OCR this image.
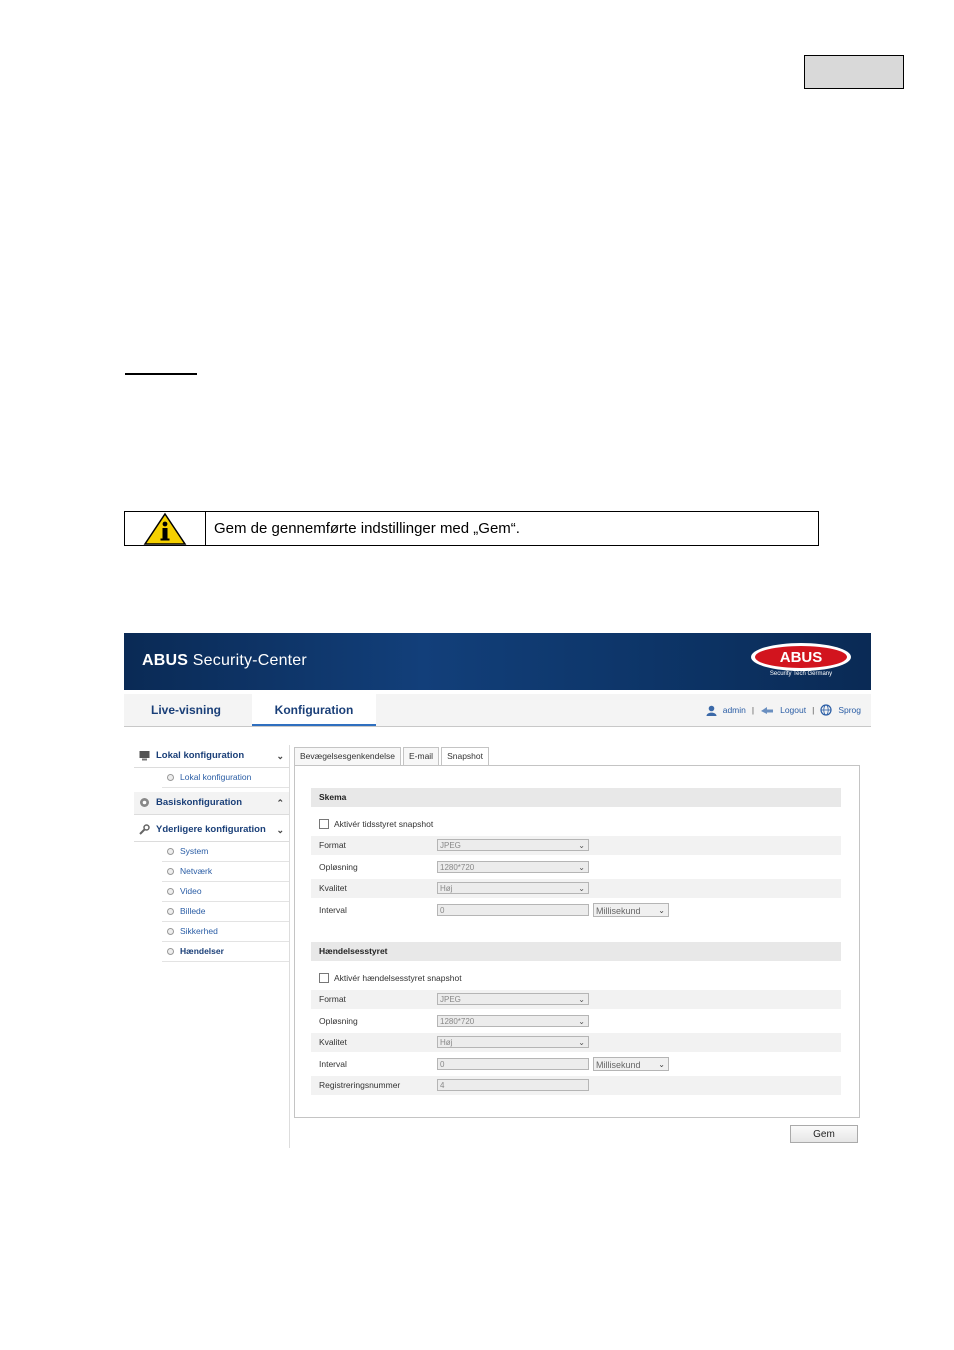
Gem de gennemførte indstillinger med „Gem“.
ABUS Security-Center	ABUS
Security Tech Germany
Live-visning	Konfiguration	admin |	Logout |	Sprog
Lokal konfiguration	⌄
Lokal konfiguration
Basiskonfiguration	⌃
Yderligere konfiguration ⌄
System
Netværk
Video
Billede
Sikkerhed
Hændelser
Bevægelsesgenkendelse	E-mail	Snapshot
Skema
Aktivér tidsstyret snapshot
Format	JPEG	⌄
Opløsning	1280*720	⌄
Kvalitet	Høj	⌄
Interval	0	Millisekund ⌄
Hændelsesstyret
Aktivér hændelsesstyret snapshot
Format	JPEG	⌄
Opløsning	1280*720	⌄
Kvalitet	Høj	⌄
Interval	0	Millisekund ⌄
Registreringsnummer	4
Gem
